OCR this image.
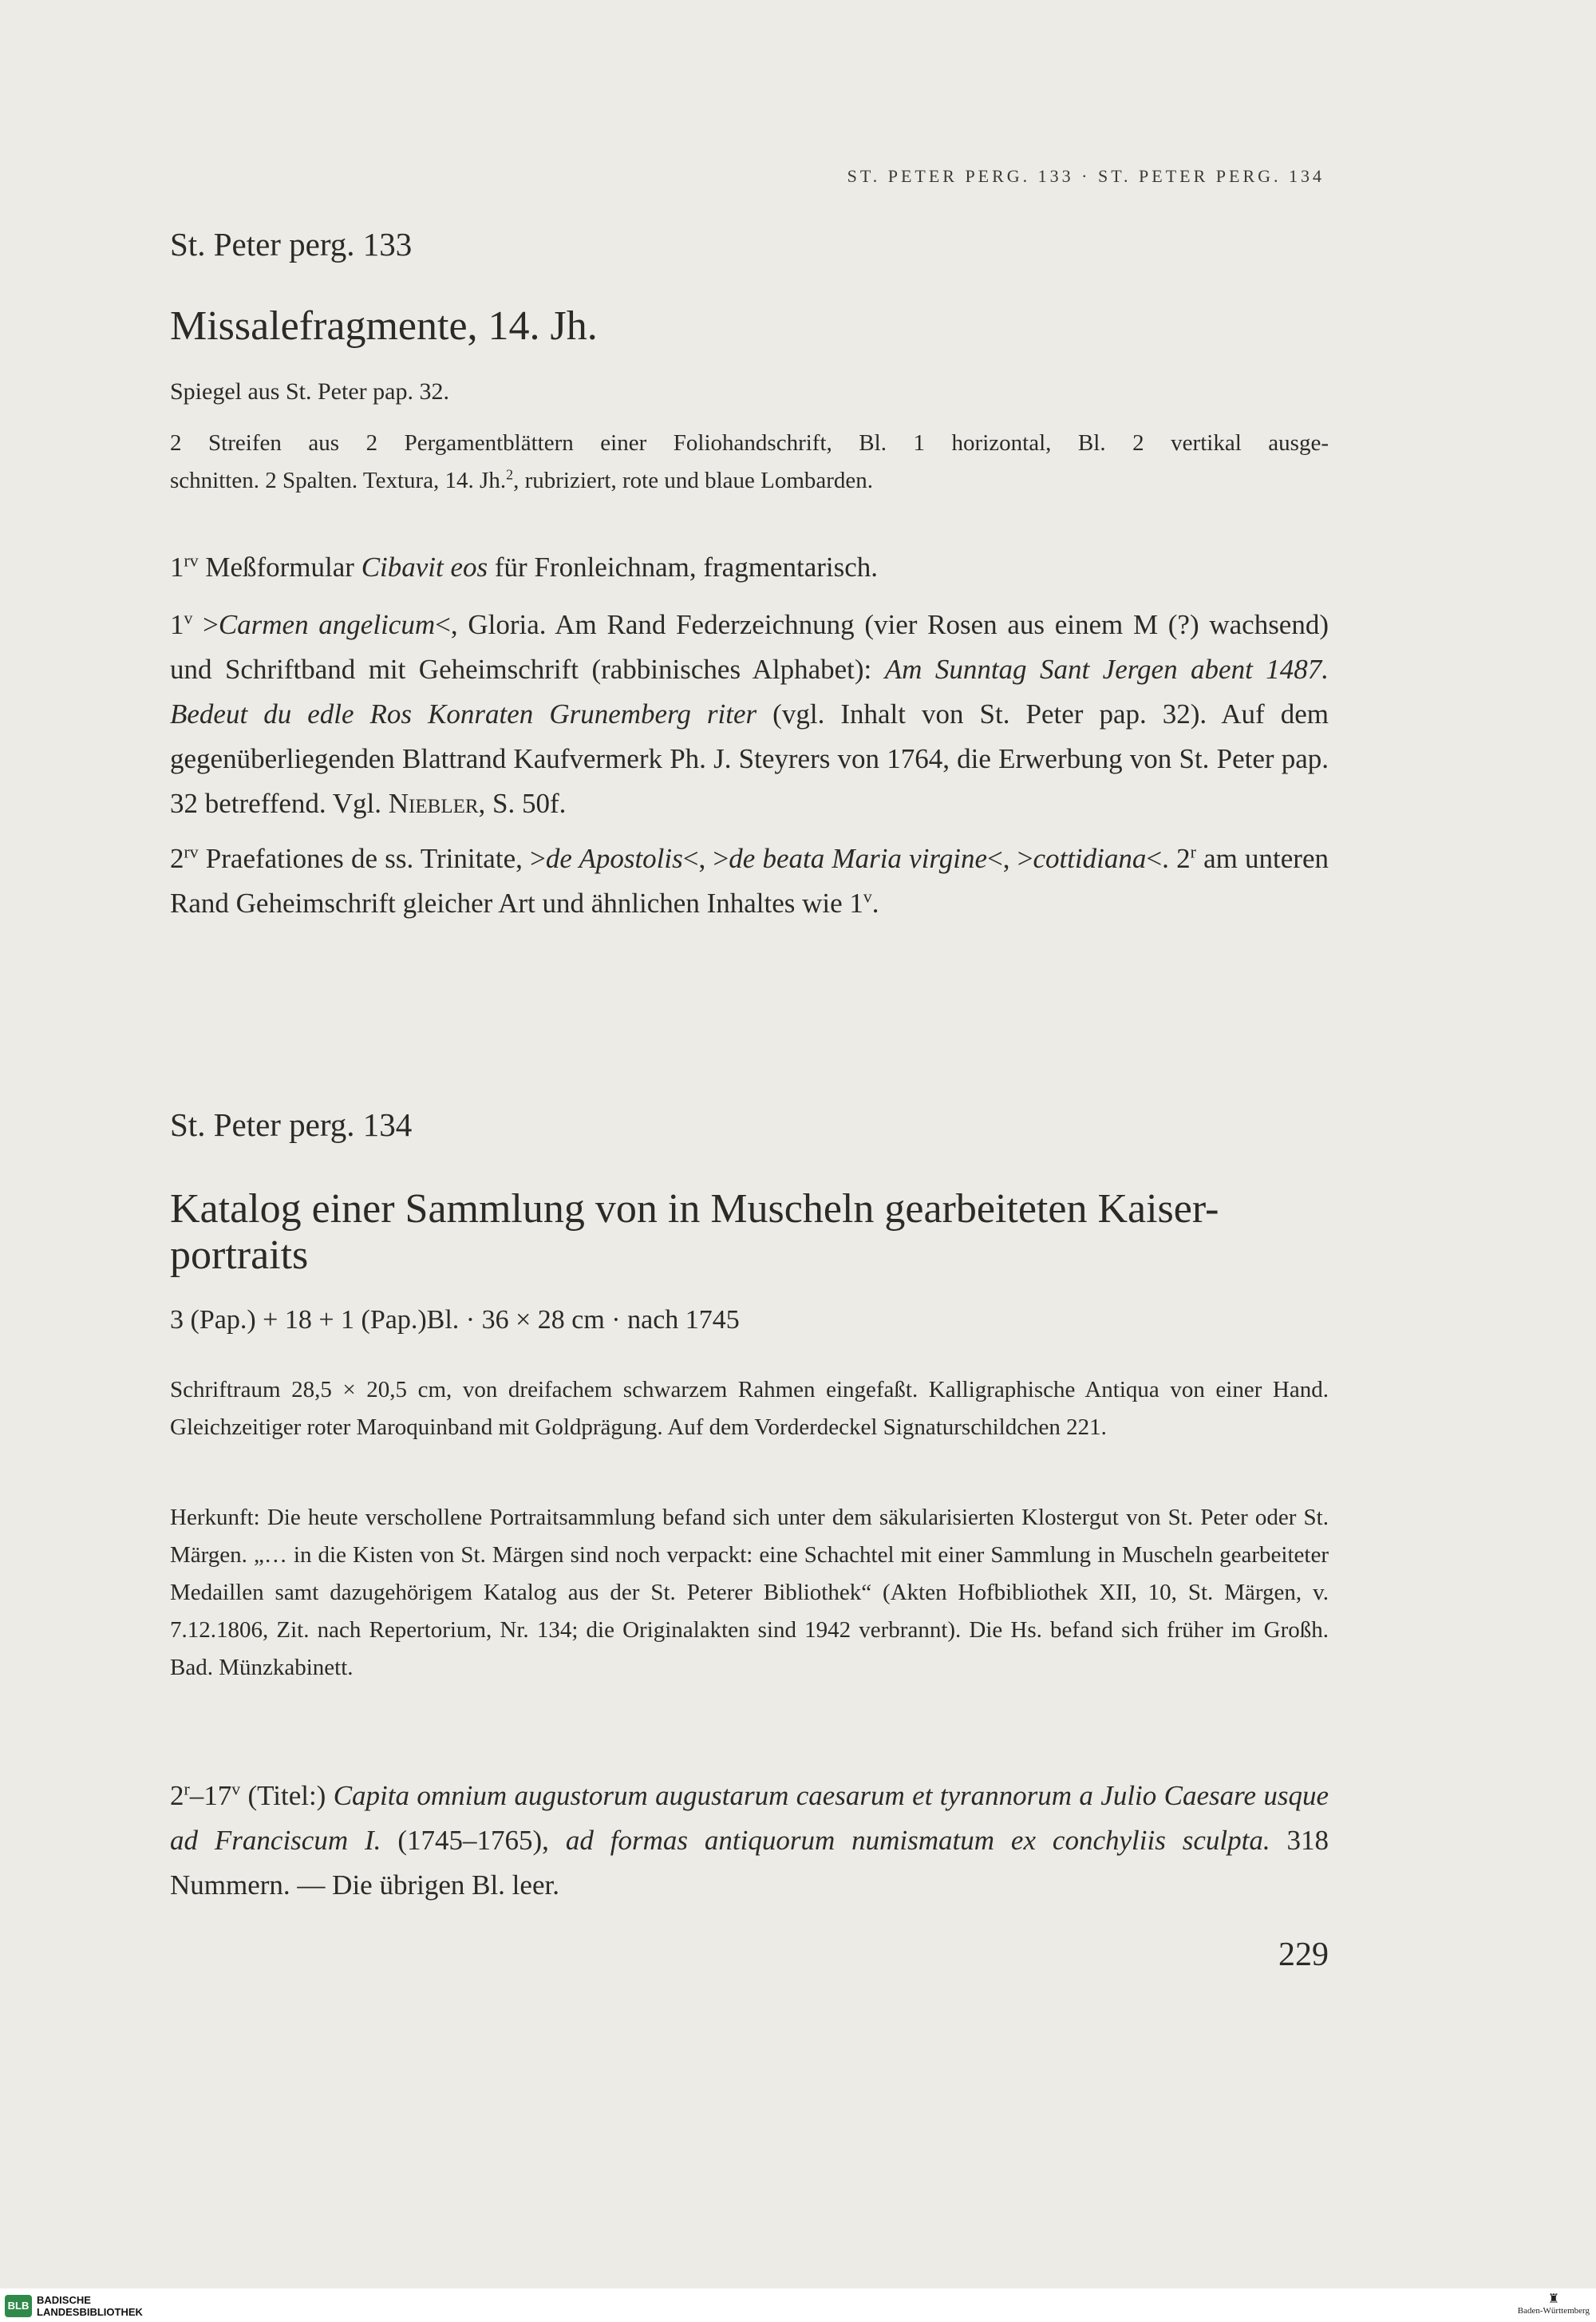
ST. PETER PERG. 133 · ST. PETER PERG. 134
St. Peter perg. 133
Missalefragmente, 14. Jh.
Spiegel aus St. Peter pap. 32.
2 Streifen aus 2 Pergamentblättern einer Foliohandschrift, Bl. 1 horizontal, Bl. 2 vertikal ausge-
schnitten. 2 Spalten. Textura, 14. Jh.$^2$, rubriziert, rote und blaue Lombarden.
$1^{rv}$ Meßformular Cibavit eos für Fronleichnam, fragmentarisch.
$1^v$ >Carmen angelicum<, Gloria. Am Rand Federzeichnung (vier Rosen aus einem M (?) wachsend) und Schriftband mit Geheimschrift (rabbinisches Alphabet): Am Sunntag Sant Jergen abent 1487. Bedeut du edle Ros Konraten Grunemberg riter (vgl. Inhalt von St. Peter pap. 32). Auf dem gegenüberliegenden Blattrand Kaufvermerk Ph. J. Steyrers von 1764, die Erwerbung von St. Peter pap. 32 betreffend. Vgl. Niebler, S. 50f.
$2^{rv}$ Praefationes de ss. Trinitate, >de Apostolis<, >de beata Maria virgine<, >cottidiana<. 2$^r$ am unteren Rand Geheimschrift gleicher Art und ähnlichen Inhaltes wie 1$^v$.
St. Peter perg. 134
Katalog einer Sammlung von in Muscheln gearbeiteten Kaiser-portraits
3 (Pap.) + 18 + 1 (Pap.)Bl. · 36 × 28 cm · nach 1745
Schriftraum 28,5 × 20,5 cm, von dreifachem schwarzem Rahmen eingefaßt. Kalligraphische Antiqua von einer Hand. Gleichzeitiger roter Maroquinband mit Goldprägung. Auf dem Vorderdeckel Signaturschildchen 221.
Herkunft: Die heute verschollene Portraitsammlung befand sich unter dem säkularisierten Klostergut von St. Peter oder St. Märgen. „… in die Kisten von St. Märgen sind noch verpackt: eine Schachtel mit einer Sammlung in Muscheln gearbeiteter Medaillen samt dazugehörigem Katalog aus der St. Peterer Bibliothek“ (Akten Hofbibliothek XII, 10, St. Märgen, v. 7.12.1806, Zit. nach Repertorium, Nr. 134; die Originalakten sind 1942 verbrannt). Die Hs. befand sich früher im Großh. Bad. Münzkabinett.
2$^r$–17$^v$ (Titel:) Capita omnium augustorum augustarum caesarum et tyrannorum a Julio Caesare usque ad Franciscum I. (1745–1765), ad formas antiquorum numismatum ex conchyliis sculpta. 318 Nummern. — Die übrigen Bl. leer.
229
BLB BADISCHE
LANDESBIBLIOTHEK
♜
Baden-Württemberg
